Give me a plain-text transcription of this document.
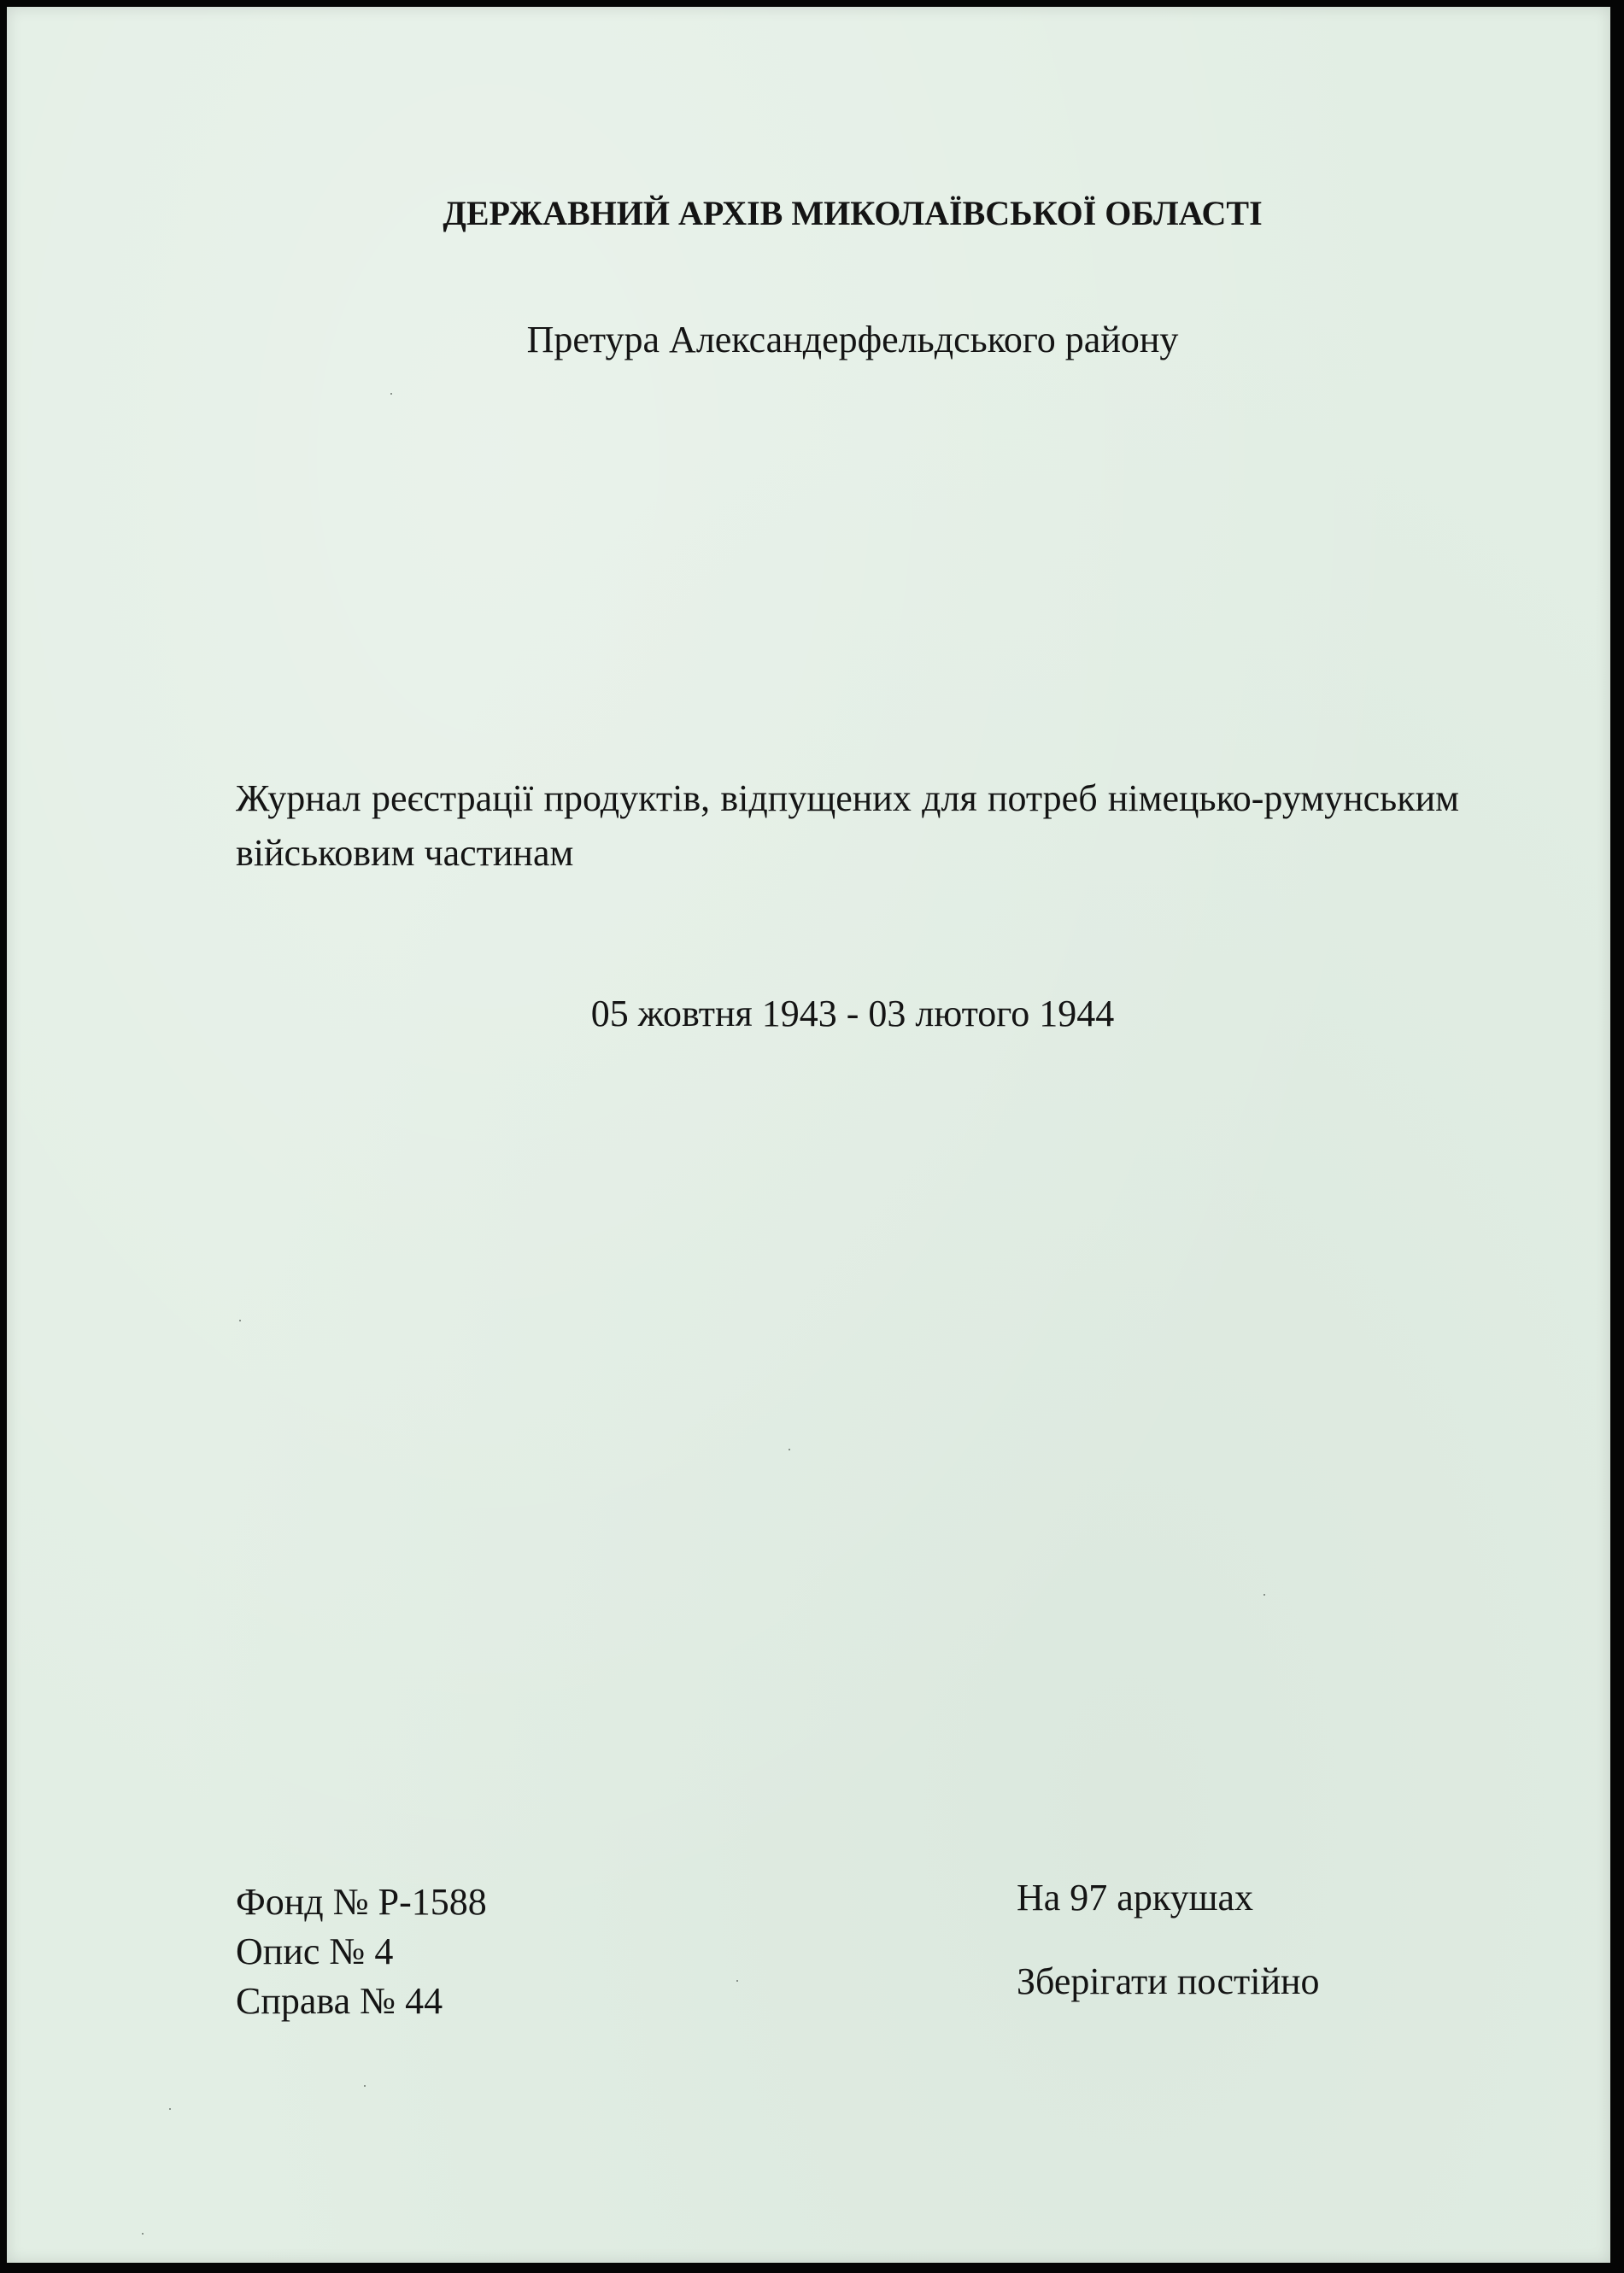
ДЕРЖАВНИЙ АРХІВ МИКОЛАЇВСЬКОЇ ОБЛАСТІ

Претура Александерфельдського району

Журнал реєстрації продуктів, відпущених для потреб німецько-румунським військовим частинам

05 жовтня 1943 - 03 лютого 1944

Фонд № Р-1588
Опис № 4
Справа № 44

На 97 аркушах

Зберігати постійно
